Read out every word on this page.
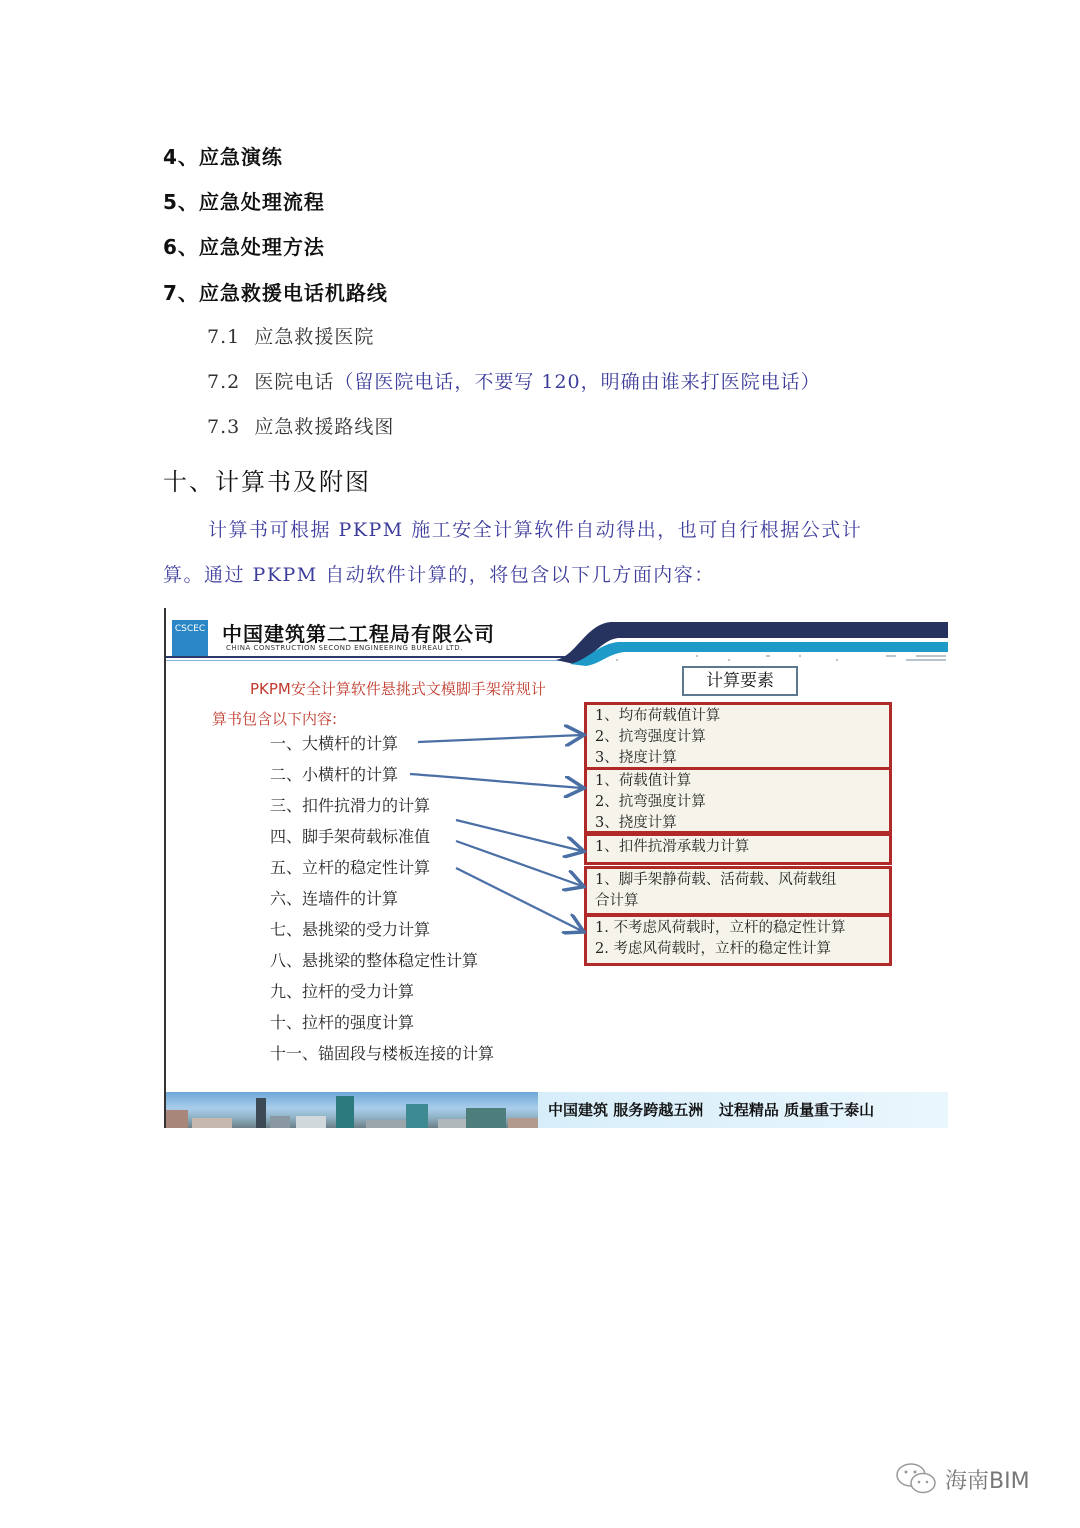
4、应急演练
5、应急处理流程
6、应急处理方法
7、应急救援电话机路线
7.1 应急救援医院
7.2 医院电话（留医院电话，不要写 120，明确由谁来打医院电话）
7.3 应急救援路线图
十、计算书及附图
计算书可根据 PKPM 施工安全计算软件自动得出，也可自行根据公式计算。通过 PKPM 自动软件计算的，将包含以下几方面内容：
CSCEC 中国建筑第二工程局有限公司
CHINA CONSTRUCTION SECOND ENGINEERING BUREAU LTD.
PKPM安全计算软件悬挑式文模脚手架常规计
算书包含以下内容:
计算要素
一、大横杆的计算
二、小横杆的计算
三、扣件抗滑力的计算
四、脚手架荷载标准值
五、立杆的稳定性计算
六、连墙件的计算
七、悬挑梁的受力计算
八、悬挑梁的整体稳定性计算
九、拉杆的受力计算
十、拉杆的强度计算
十一、锚固段与楼板连接的计算
1、均布荷载值计算
2、抗弯强度计算
3、挠度计算
1、荷载值计算
2、抗弯强度计算
3、挠度计算
1、扣件抗滑承载力计算
1、脚手架静荷载、活荷载、风荷载组
合计算
1. 不考虑风荷载时，立杆的稳定性计算
2. 考虑风荷载时，立杆的稳定性计算
中国建筑 服务跨越五洲   过程精品 质量重于泰山
海南BIM
